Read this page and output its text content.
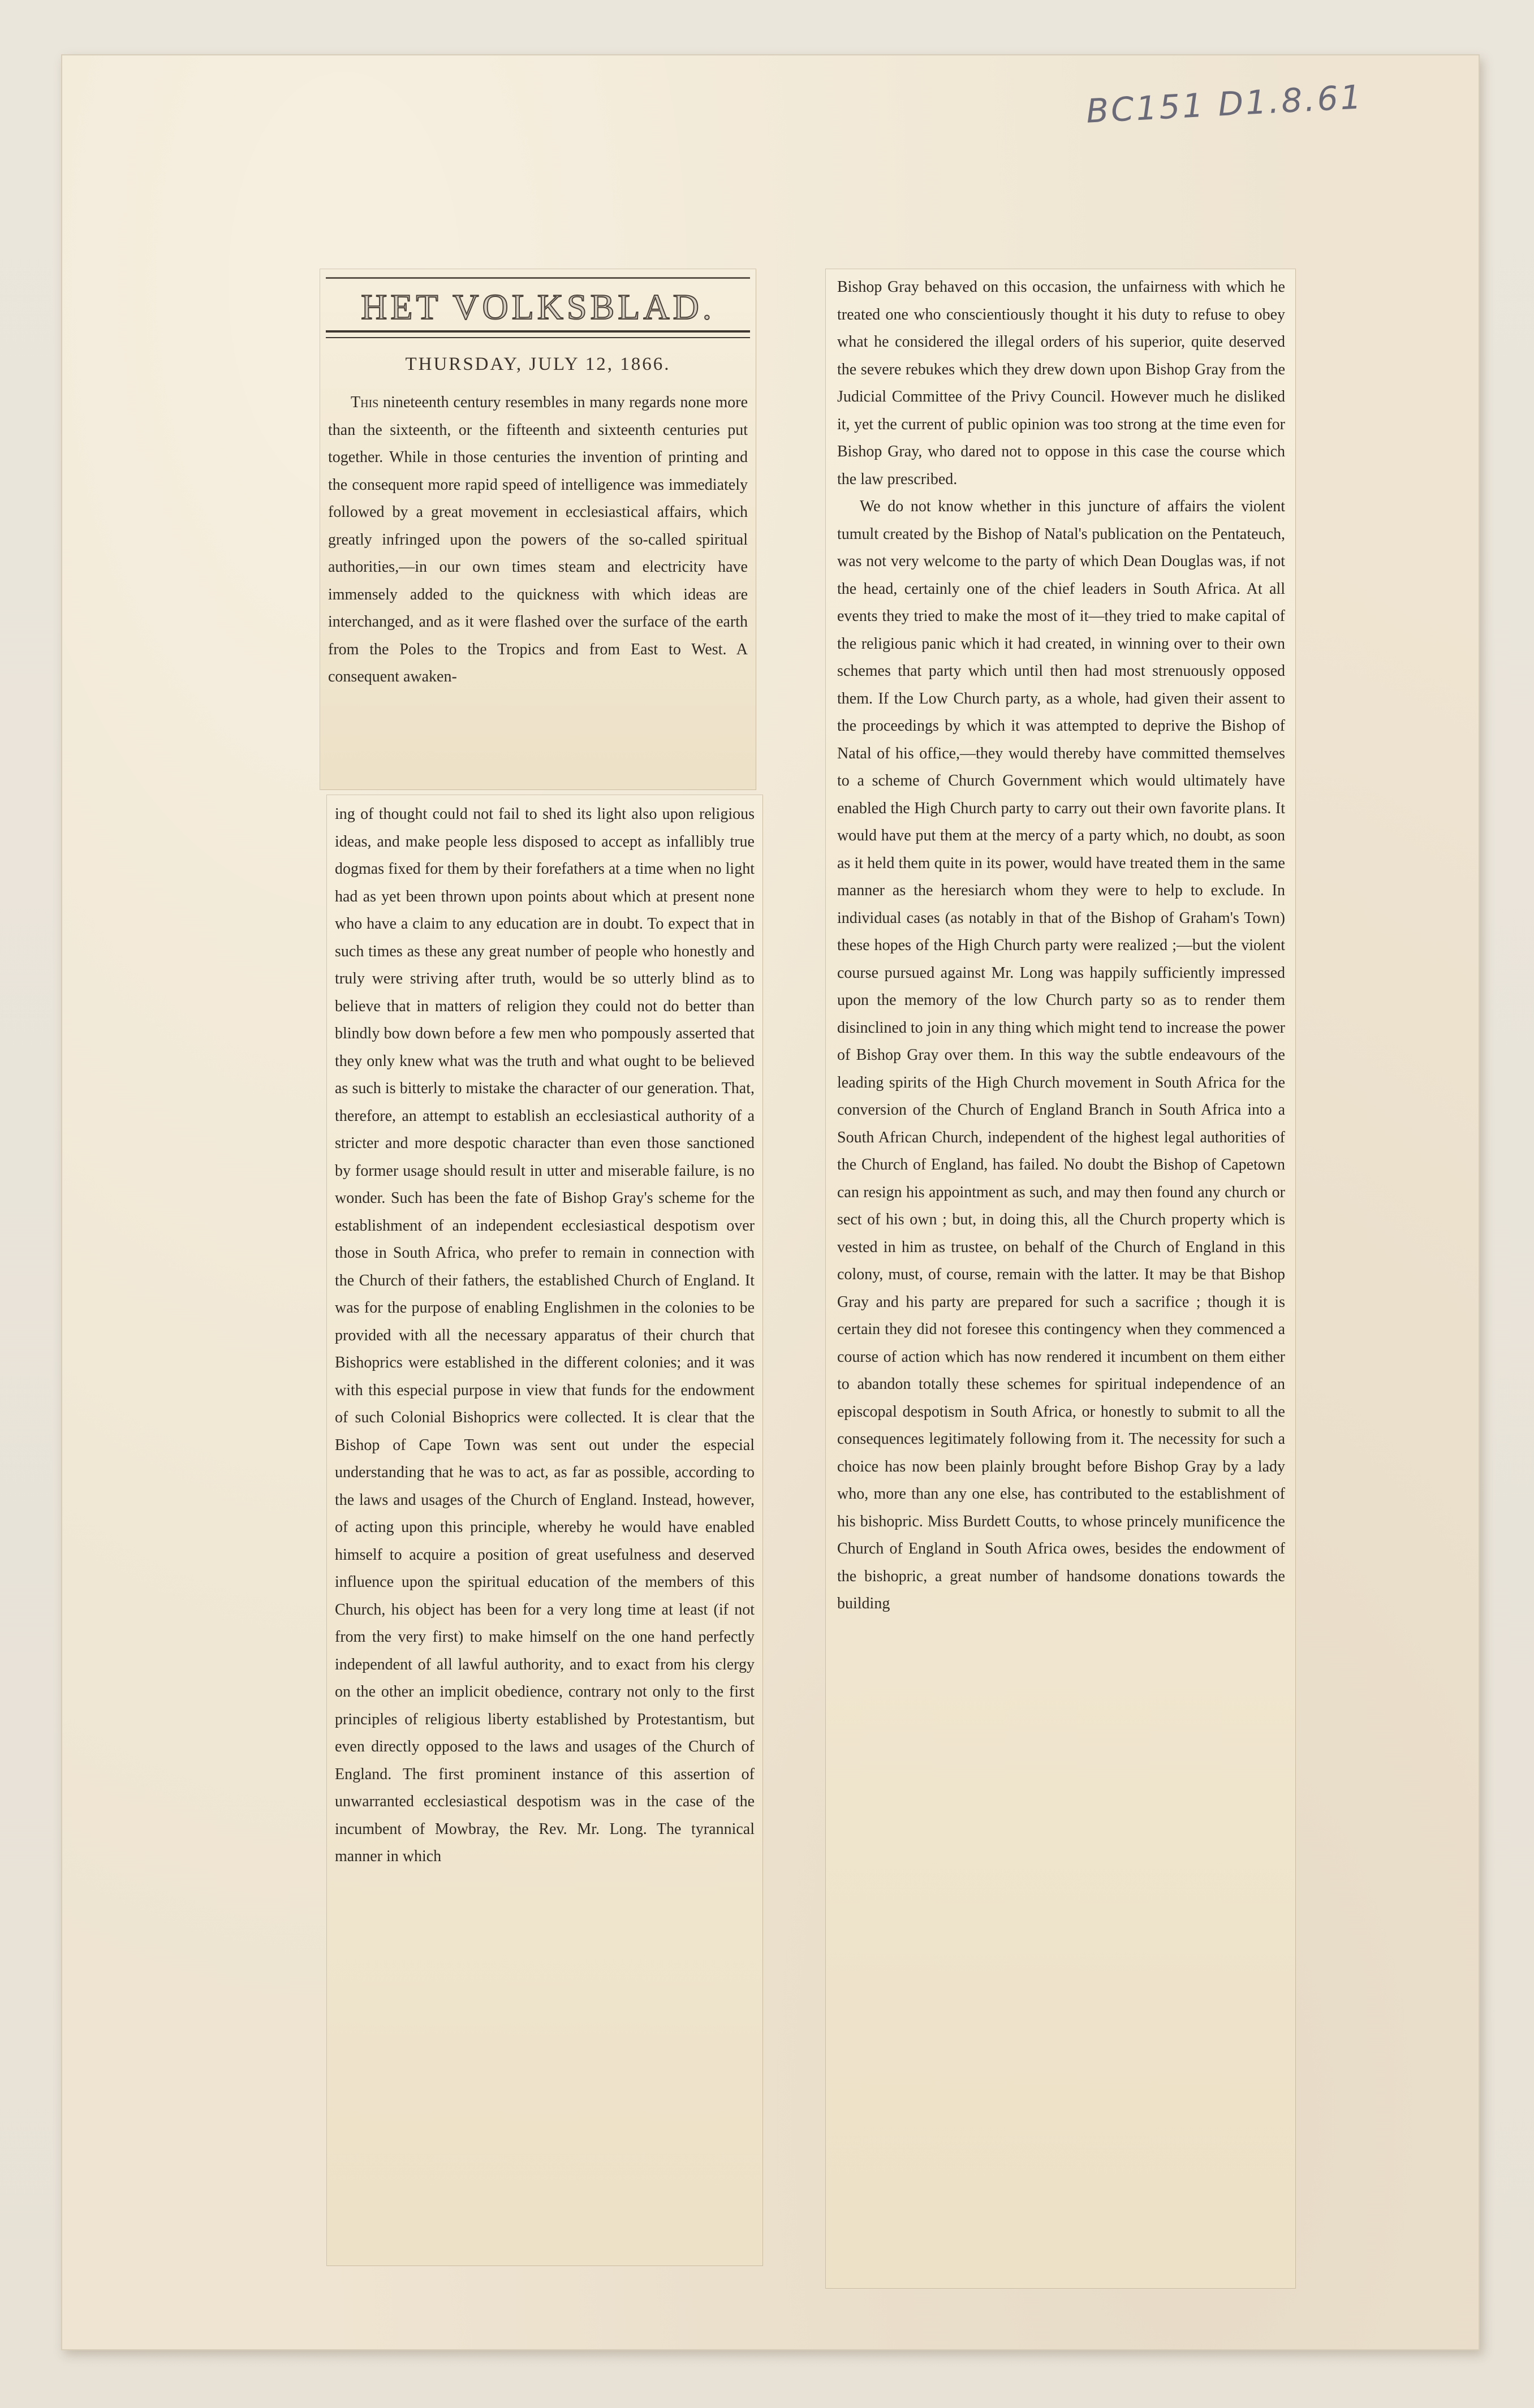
BC151 D1.8.61
HET VOLKSBLAD.
THURSDAY, JULY 12, 1866.

This nineteenth century resembles in many regards none more than the sixteenth, or the fifteenth and sixteenth centuries put together. While in those centuries the invention of printing and the consequent more rapid speed of intelligence was immediately followed by a great movement in ecclesiastical affairs, which greatly infringed upon the powers of the so-called spiritual authorities,—in our own times steam and electricity have immensely added to the quickness with which ideas are interchanged, and as it were flashed over the surface of the earth from the Poles to the Tropics and from East to West. A consequent awaken-

ing of thought could not fail to shed its light also upon religious ideas, and make people less disposed to accept as infallibly true dogmas fixed for them by their forefathers at a time when no light had as yet been thrown upon points about which at present none who have a claim to any education are in doubt. To expect that in such times as these any great number of people who honestly and truly were striving after truth, would be so utterly blind as to believe that in matters of religion they could not do better than blindly bow down before a few men who pompously asserted that they only knew what was the truth and what ought to be believed as such is bitterly to mistake the character of our generation. That, therefore, an attempt to establish an ecclesiastical authority of a stricter and more despotic character than even those sanctioned by former usage should result in utter and miserable failure, is no wonder. Such has been the fate of Bishop Gray's scheme for the establishment of an independent ecclesiastical despotism over those in South Africa, who prefer to remain in connection with the Church of their fathers, the established Church of England. It was for the purpose of enabling Englishmen in the colonies to be provided with all the necessary apparatus of their church that Bishoprics were established in the different colonies; and it was with this especial purpose in view that funds for the endowment of such Colonial Bishoprics were collected. It is clear that the Bishop of Cape Town was sent out under the especial understanding that he was to act, as far as possible, according to the laws and usages of the Church of England. Instead, however, of acting upon this principle, whereby he would have enabled himself to acquire a position of great usefulness and deserved influence upon the spiritual education of the members of this Church, his object has been for a very long time at least (if not from the very first) to make himself on the one hand perfectly independent of all lawful authority, and to exact from his clergy on the other an implicit obedience, contrary not only to the first principles of religious liberty established by Protestantism, but even directly opposed to the laws and usages of the Church of England. The first prominent instance of this assertion of unwarranted ecclesiastical despotism was in the case of the incumbent of Mowbray, the Rev. Mr. Long. The tyrannical manner in which

Bishop Gray behaved on this occasion, the unfairness with which he treated one who conscientiously thought it his duty to refuse to obey what he considered the illegal orders of his superior, quite deserved the severe rebukes which they drew down upon Bishop Gray from the Judicial Committee of the Privy Council. However much he disliked it, yet the current of public opinion was too strong at the time even for Bishop Gray, who dared not to oppose in this case the course which the law prescribed.

We do not know whether in this juncture of affairs the violent tumult created by the Bishop of Natal's publication on the Pentateuch, was not very welcome to the party of which Dean Douglas was, if not the head, certainly one of the chief leaders in South Africa. At all events they tried to make the most of it—they tried to make capital of the religious panic which it had created, in winning over to their own schemes that party which until then had most strenuously opposed them. If the Low Church party, as a whole, had given their assent to the proceedings by which it was attempted to deprive the Bishop of Natal of his office,—they would thereby have committed themselves to a scheme of Church Government which would ultimately have enabled the High Church party to carry out their own favorite plans. It would have put them at the mercy of a party which, no doubt, as soon as it held them quite in its power, would have treated them in the same manner as the heresiarch whom they were to help to exclude. In individual cases (as notably in that of the Bishop of Graham's Town) these hopes of the High Church party were realized ;—but the violent course pursued against Mr. Long was happily sufficiently impressed upon the memory of the low Church party so as to render them disinclined to join in any thing which might tend to increase the power of Bishop Gray over them. In this way the subtle endeavours of the leading spirits of the High Church movement in South Africa for the conversion of the Church of England Branch in South Africa into a South African Church, independent of the highest legal authorities of the Church of England, has failed. No doubt the Bishop of Capetown can resign his appointment as such, and may then found any church or sect of his own ; but, in doing this, all the Church property which is vested in him as trustee, on behalf of the Church of England in this colony, must, of course, remain with the latter. It may be that Bishop Gray and his party are prepared for such a sacrifice ; though it is certain they did not foresee this contingency when they commenced a course of action which has now rendered it incumbent on them either to abandon totally these schemes for spiritual independence of an episcopal despotism in South Africa, or honestly to submit to all the consequences legitimately following from it. The necessity for such a choice has now been plainly brought before Bishop Gray by a lady who, more than any one else, has contributed to the establishment of his bishopric. Miss Burdett Coutts, to whose princely munificence the Church of England in South Africa owes, besides the endowment of the bishopric, a great number of handsome donations towards the building
